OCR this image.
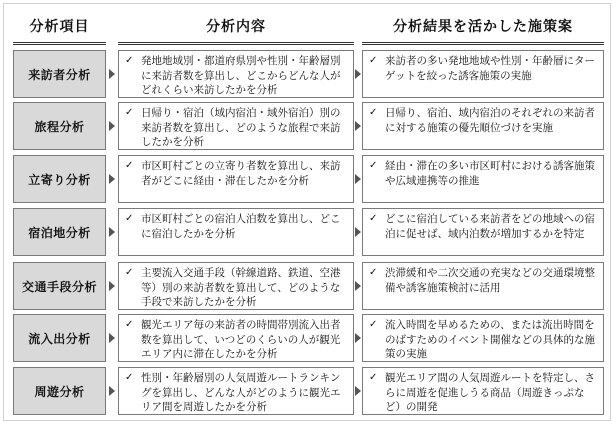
分析項目	分析内容	分析結果を活かした施策案
来訪者分析
✓ 発地地域別・都道府県別や性別・年齢層別に来訪者数を算出し、どこからどんな人がどれくらい来訪したかを分析
✓ 来訪者の多い発地地域や性別・年齢層にターゲットを絞った誘客施策の実施
旅程分析
✓ 日帰り・宿泊（域内宿泊・域外宿泊）別の来訪者数を算出し、どのような旅程で来訪したかを分析
✓ 日帰り、宿泊、域内宿泊のそれぞれの来訪者に対する施策の優先順位づけを実施
立寄り分析
✓ 市区町村ごとの立寄り者数を算出し、来訪者がどこに経由・滞在したかを分析
✓ 経由・滞在の多い市区町村における誘客施策や広域連携等の推進
宿泊地分析
✓ 市区町村ごとの宿泊人泊数を算出し、どこに宿泊したかを分析
✓ どこに宿泊している来訪者をどの地域への宿泊に促せば、域内泊数が増加するかを特定
交通手段分析
✓ 主要流入交通手段（幹線道路、鉄道、空港等）別の来訪者数を算出して、どのような手段で来訪したかを分析
✓ 渋滞緩和や二次交通の充実などの交通環境整備や誘客施策検討に活用
流入出分析
✓ 観光エリア毎の来訪者の時間帯別流入出者数を算出して、いつどのくらいの人が観光エリア内に滞在したかを分析
✓ 流入時間を早めるための、または流出時間をのばすためのイベント開催などの具体的な施策の実施
周遊分析
✓ 性別・年齢層別の人気周遊ルートランキングを算出し、どんな人がどのように観光エリア間を周遊したかを分析
✓ 観光エリア間の人気周遊ルートを特定し、さらに周遊を促進しうる商品（周遊きっぷなど）の開発
